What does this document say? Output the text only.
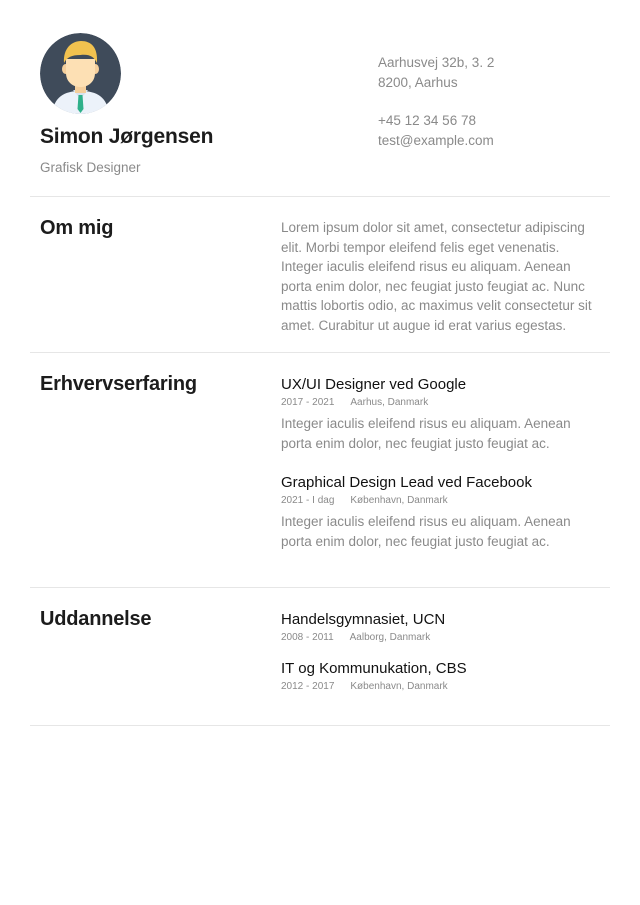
Simon Jørgensen
Grafisk Designer
Aarhusvej 32b, 3. 2
8200, Aarhus
+45 12 34 56 78
test@example.com
Om mig	Lorem ipsum dolor sit amet, consectetur adipiscing elit. Morbi tempor eleifend felis eget venenatis. Integer iaculis eleifend risus eu aliquam. Aenean porta enim dolor, nec feugiat justo feugiat ac. Nunc mattis lobortis odio, ac maximus velit consectetur sit amet. Curabitur ut augue id erat varius egestas.
Erhvervserfaring	UX/UI Designer ved Google
2017 - 2021 Aarhus, Danmark
Integer iaculis eleifend risus eu aliquam. Aenean porta enim dolor, nec feugiat justo feugiat ac.
Graphical Design Lead ved Facebook
2021 - I dag København, Danmark
Integer iaculis eleifend risus eu aliquam. Aenean porta enim dolor, nec feugiat justo feugiat ac.
Uddannelse	Handelsgymnasiet, UCN
2008 - 2011 Aalborg, Danmark
IT og Kommunukation, CBS
2012 - 2017 København, Danmark
